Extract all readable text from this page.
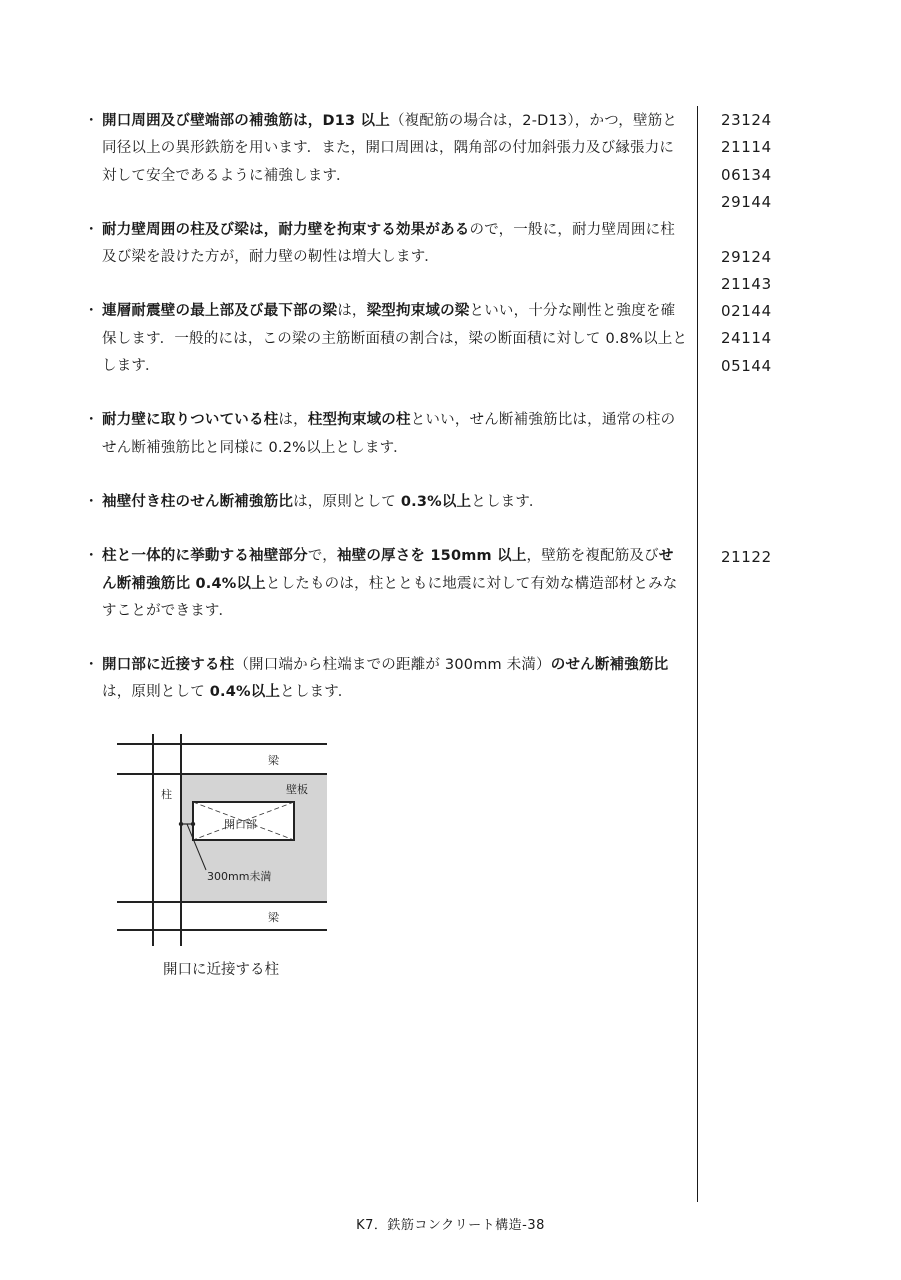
・ 開口周囲及び壁端部の補強筋は，D13 以上（複配筋の場合は，2-D13），かつ，壁筋と同径以上の異形鉄筋を用います．また，開口周囲は，隅角部の付加斜張力及び縁張力に対して安全であるように補強します．
・ 耐力壁周囲の柱及び梁は，耐力壁を拘束する効果があるので，一般に，耐力壁周囲に柱及び梁を設けた方が，耐力壁の靭性は増大します．
・ 連層耐震壁の最上部及び最下部の梁は，梁型拘束域の梁といい，十分な剛性と強度を確保します．一般的には，この梁の主筋断面積の割合は，梁の断面積に対して 0.8%以上とします．
・ 耐力壁に取りついている柱は，柱型拘束域の柱といい，せん断補強筋比は，通常の柱のせん断補強筋比と同様に 0.2%以上とします．
・ 袖壁付き柱のせん断補強筋比は，原則として 0.3%以上とします．
・ 柱と一体的に挙動する袖壁部分で，袖壁の厚さを 150mm 以上，壁筋を複配筋及びせん断補強筋比 0.4%以上としたものは，柱とともに地震に対して有効な構造部材とみなすことができます．
・ 開口部に近接する柱（開口端から柱端までの距離が 300mm 未満）のせん断補強筋比は，原則として 0.4%以上とします．
23124
21114
06134
29144
29124
21143
02144
24114
05144
21122
梁
柱	壁板
開口部
300mm未満
梁
開口に近接する柱
K7．鉄筋コンクリート構造-38
